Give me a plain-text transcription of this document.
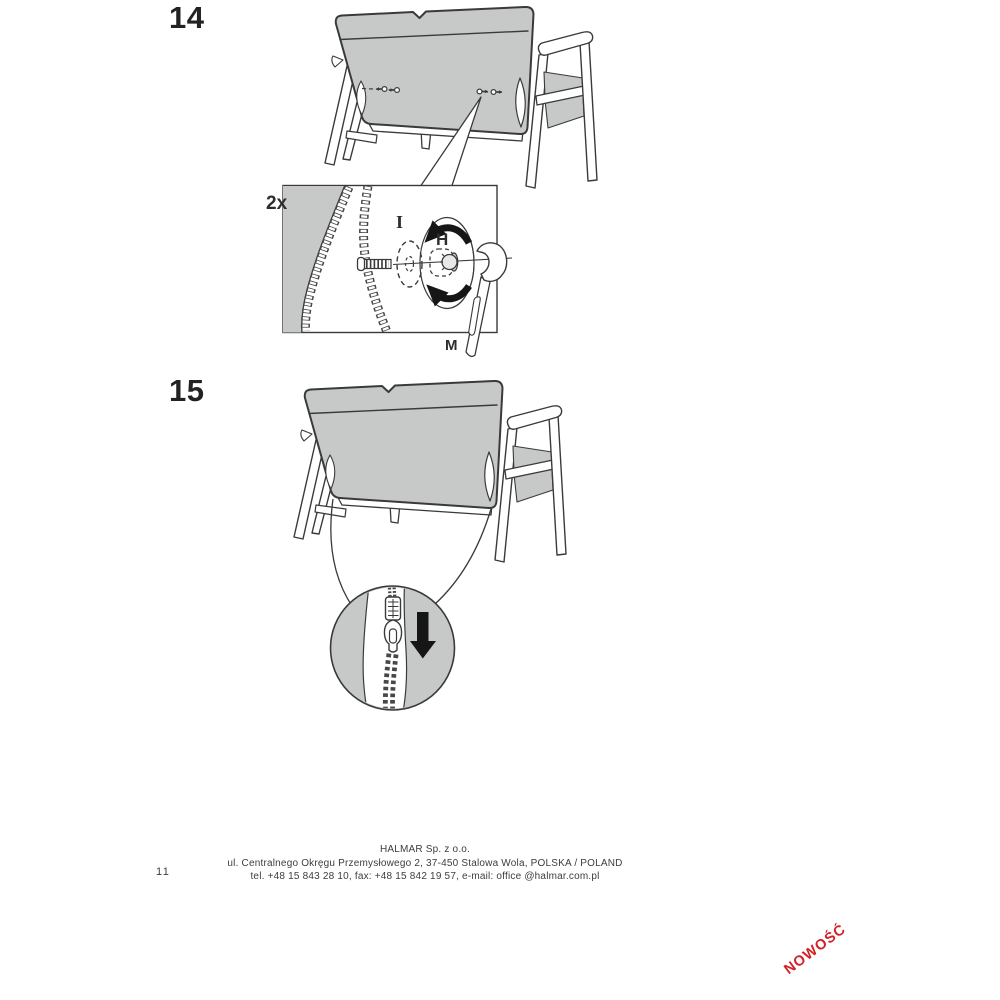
14
15
2x
I
H
M
11
HALMAR Sp. z o.o.
ul. Centralnego Okręgu Przemysłowego 2, 37-450 Stalowa Wola, POLSKA / POLAND
tel. +48 15 843 28 10, fax: +48 15 842 19 57, e-mail: office @halmar.com.pl
NOWOŚĆ
